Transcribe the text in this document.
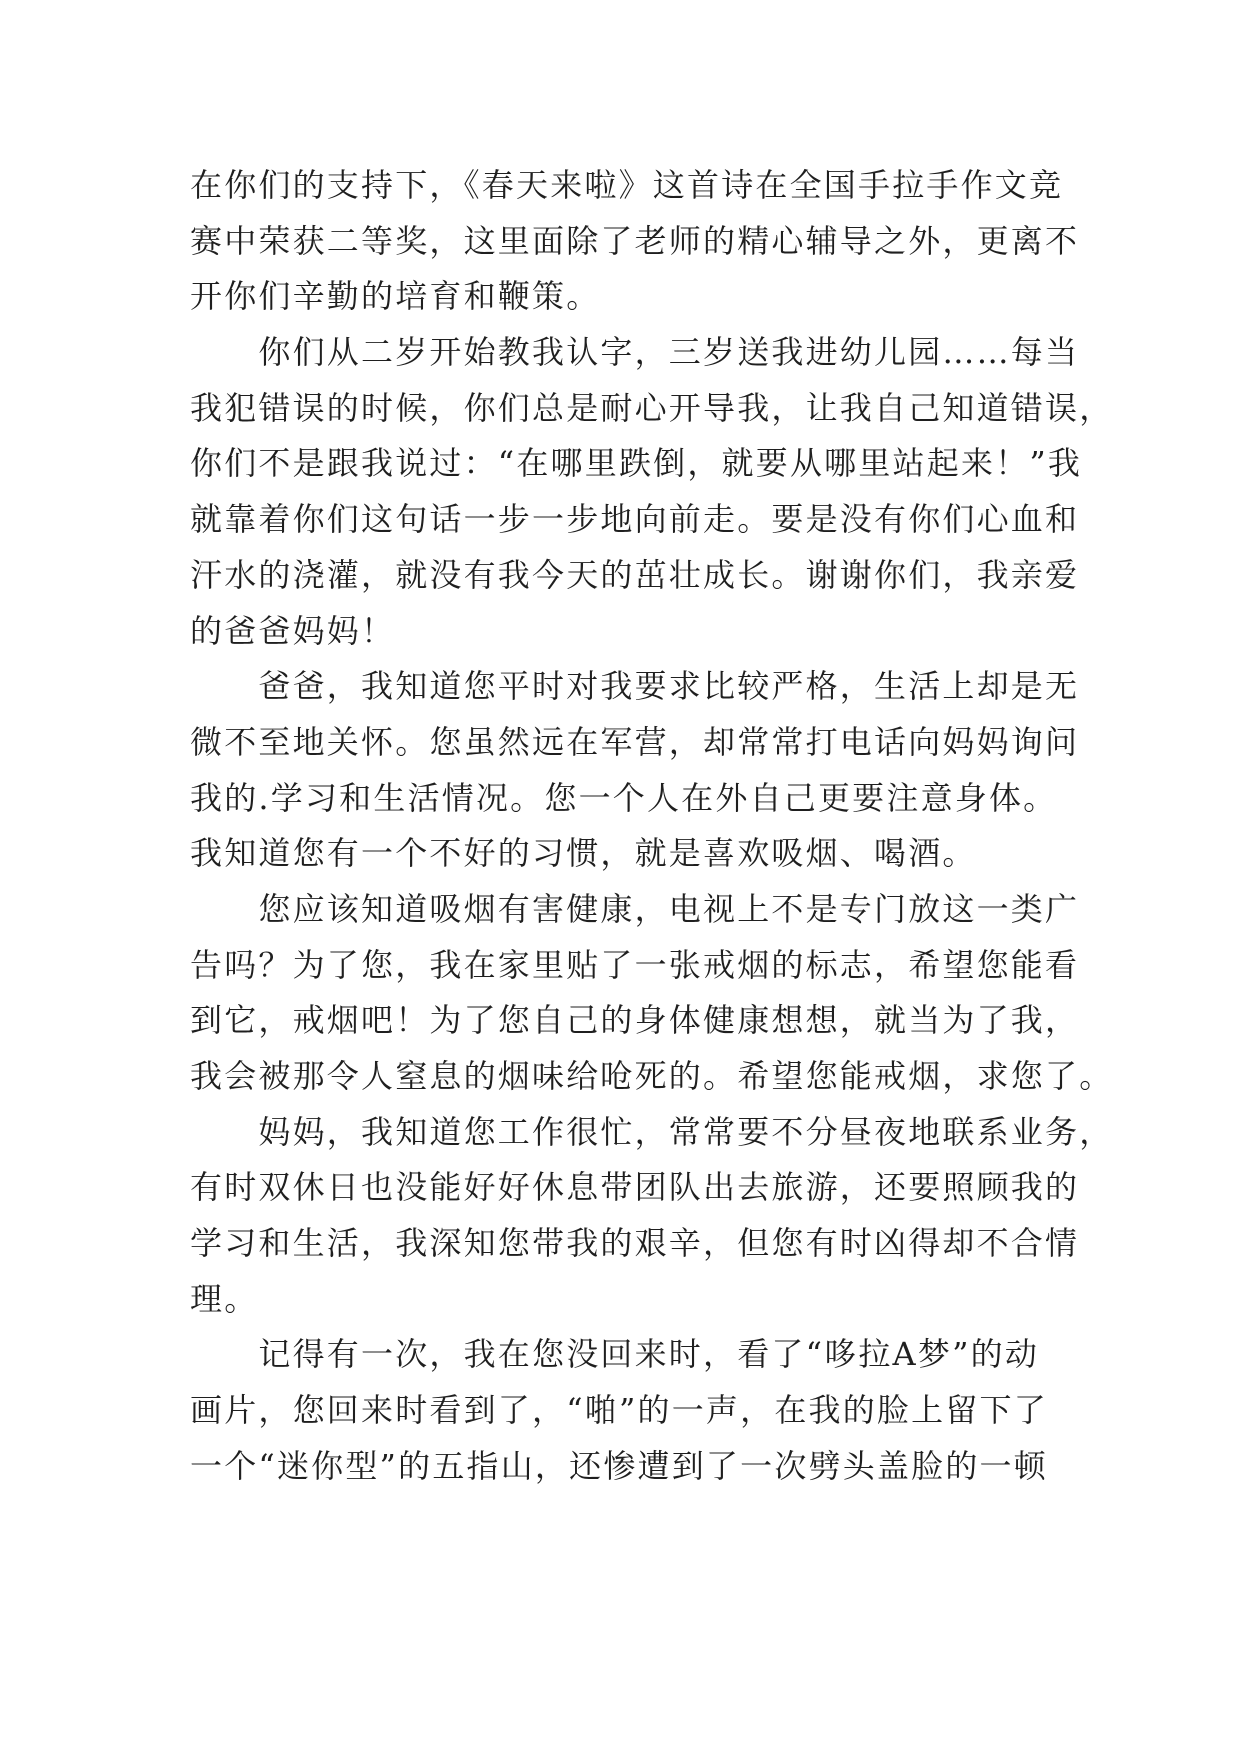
在你们的支持下，《春天来啦》这首诗在全国手拉手作文竞
赛中荣获二等奖，这里面除了老师的精心辅导之外，更离不
开你们辛勤的培育和鞭策。
　　你们从二岁开始教我认字，三岁送我进幼儿园……每当
我犯错误的时候，你们总是耐心开导我，让我自己知道错误，
你们不是跟我说过：“在哪里跌倒，就要从哪里站起来！”我
就靠着你们这句话一步一步地向前走。要是没有你们心血和
汗水的浇灌，就没有我今天的茁壮成长。谢谢你们，我亲爱
的爸爸妈妈！
　　爸爸，我知道您平时对我要求比较严格，生活上却是无
微不至地关怀。您虽然远在军营，却常常打电话向妈妈询问
我的.学习和生活情况。您一个人在外自己更要注意身体。
我知道您有一个不好的习惯，就是喜欢吸烟、喝酒。
　　您应该知道吸烟有害健康，电视上不是专门放这一类广
告吗？为了您，我在家里贴了一张戒烟的标志，希望您能看
到它，戒烟吧！为了您自己的身体健康想想，就当为了我，
我会被那令人窒息的烟味给呛死的。希望您能戒烟，求您了。
　　妈妈，我知道您工作很忙，常常要不分昼夜地联系业务，
有时双休日也没能好好休息带团队出去旅游，还要照顾我的
学习和生活，我深知您带我的艰辛，但您有时凶得却不合情
理。
　　记得有一次，我在您没回来时，看了“哆拉A梦”的动
画片，您回来时看到了，“啪”的一声，在我的脸上留下了
一个“迷你型”的五指山，还惨遭到了一次劈头盖脸的一顿
